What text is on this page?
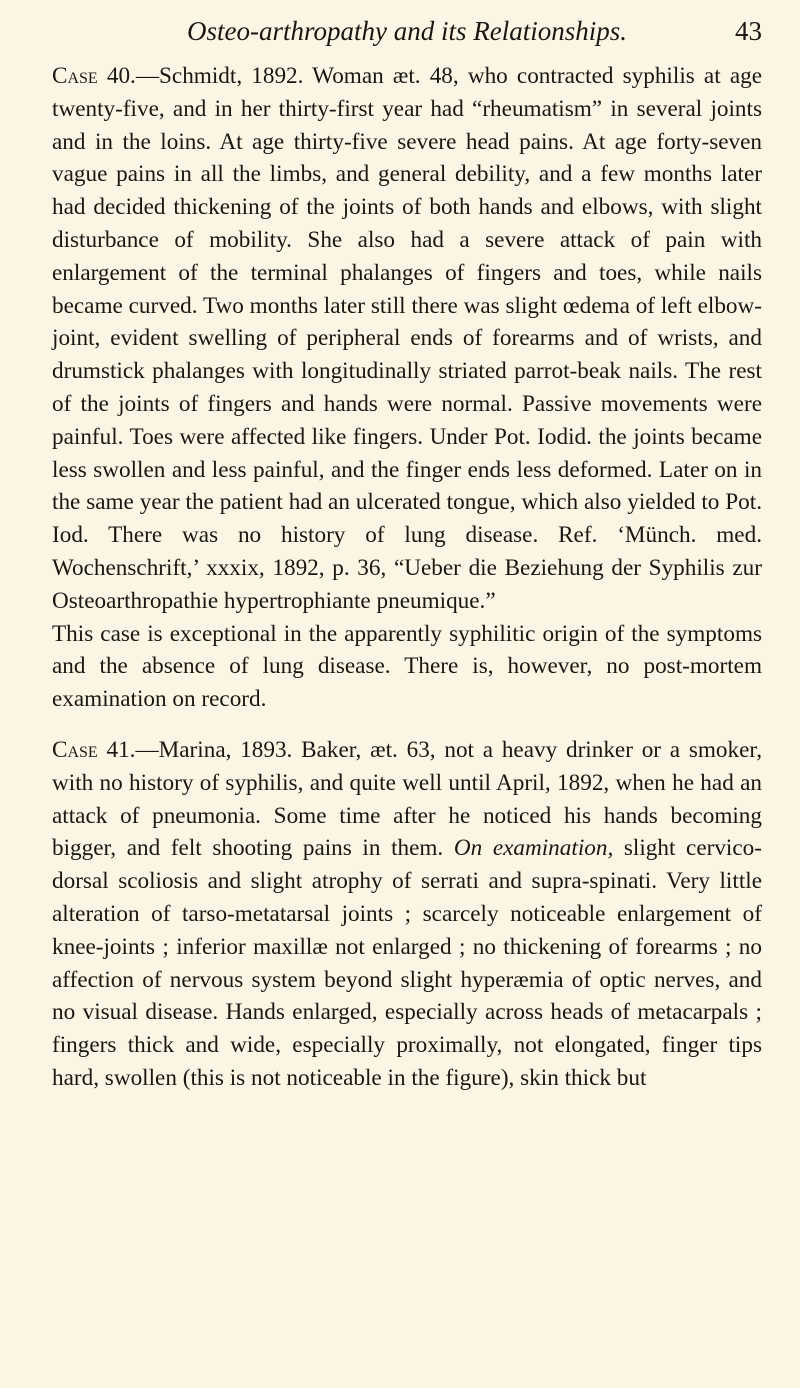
Osteo-arthropathy and its Relationships.	43

Case 40.—Schmidt, 1892. Woman æt. 48, who contracted syphilis at age twenty-five, and in her thirty-first year had “rheumatism” in several joints and in the loins. At age thirty-five severe head pains. At age forty-seven vague pains in all the limbs, and general debility, and a few months later had decided thickening of the joints of both hands and elbows, with slight disturbance of mobility. She also had a severe attack of pain with enlargement of the terminal phalanges of fingers and toes, while nails became curved. Two months later still there was slight œdema of left elbow-joint, evident swelling of peripheral ends of forearms and of wrists, and drumstick phalanges with longitudinally striated parrot-beak nails. The rest of the joints of fingers and hands were normal. Passive movements were painful. Toes were affected like fingers. Under Pot. Iodid. the joints became less swollen and less painful, and the finger ends less deformed. Later on in the same year the patient had an ulcerated tongue, which also yielded to Pot. Iod. There was no history of lung disease. Ref. ‘Münch. med. Wochenschrift,’ xxxix, 1892, p. 36, “Ueber die Beziehung der Syphilis zur Osteoarthropathie hypertrophiante pneumique.”

This case is exceptional in the apparently syphilitic origin of the symptoms and the absence of lung disease. There is, however, no post-mortem examination on record.

Case 41.—Marina, 1893. Baker, æt. 63, not a heavy drinker or a smoker, with no history of syphilis, and quite well until April, 1892, when he had an attack of pneumonia. Some time after he noticed his hands becoming bigger, and felt shooting pains in them. On examination, slight cervico-dorsal scoliosis and slight atrophy of serrati and supra-spinati. Very little alteration of tarso-metatarsal joints ; scarcely noticeable enlargement of knee-joints ; inferior maxillæ not enlarged ; no thickening of forearms ; no affection of nervous system beyond slight hyperæmia of optic nerves, and no visual disease. Hands enlarged, especially across heads of metacarpals ; fingers thick and wide, especially proximally, not elongated, finger tips hard, swollen (this is not noticeable in the figure), skin thick but
